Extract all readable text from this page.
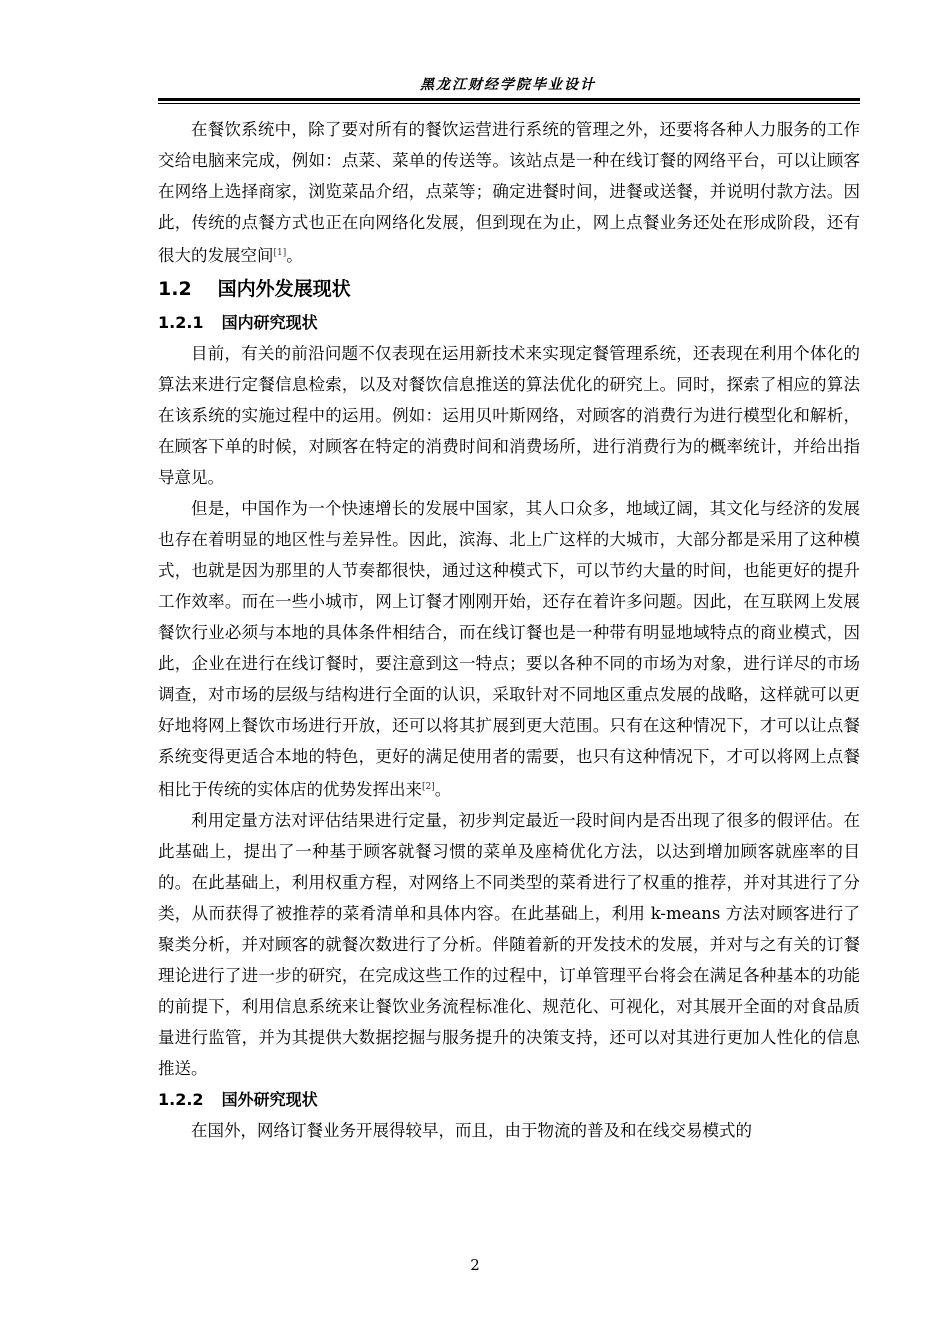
黑龙江财经学院毕业设计

在餐饮系统中，除了要对所有的餐饮运营进行系统的管理之外，还要将各种人力服务的工作交给电脑来完成，例如：点菜、菜单的传送等。该站点是一种在线订餐的网络平台，可以让顾客在网络上选择商家，浏览菜品介绍，点菜等；确定进餐时间，进餐或送餐，并说明付款方法。因此，传统的点餐方式也正在向网络化发展，但到现在为止，网上点餐业务还处在形成阶段，还有很大的发展空间[1]。

1.2 国内外发展现状
1.2.1 国内研究现状

目前，有关的前沿问题不仅表现在运用新技术来实现定餐管理系统，还表现在利用个体化的算法来进行定餐信息检索，以及对餐饮信息推送的算法优化的研究上。同时，探索了相应的算法在该系统的实施过程中的运用。例如：运用贝叶斯网络，对顾客的消费行为进行模型化和解析，在顾客下单的时候，对顾客在特定的消费时间和消费场所，进行消费行为的概率统计，并给出指导意见。

但是，中国作为一个快速增长的发展中国家，其人口众多，地域辽阔，其文化与经济的发展也存在着明显的地区性与差异性。因此，滨海、北上广这样的大城市，大部分都是采用了这种模式，也就是因为那里的人节奏都很快，通过这种模式下，可以节约大量的时间，也能更好的提升工作效率。而在一些小城市，网上订餐才刚刚开始，还存在着许多问题。因此，在互联网上发展餐饮行业必须与本地的具体条件相结合，而在线订餐也是一种带有明显地域特点的商业模式，因此，企业在进行在线订餐时，要注意到这一特点；要以各种不同的市场为对象，进行详尽的市场调查，对市场的层级与结构进行全面的认识，采取针对不同地区重点发展的战略，这样就可以更好地将网上餐饮市场进行开放，还可以将其扩展到更大范围。只有在这种情况下，才可以让点餐系统变得更适合本地的特色，更好的满足使用者的需要，也只有这种情况下，才可以将网上点餐相比于传统的实体店的优势发挥出来[2]。

利用定量方法对评估结果进行定量，初步判定最近一段时间内是否出现了很多的假评估。在此基础上，提出了一种基于顾客就餐习惯的菜单及座椅优化方法，以达到增加顾客就座率的目的。在此基础上，利用权重方程，对网络上不同类型的菜肴进行了权重的推荐，并对其进行了分类，从而获得了被推荐的菜肴清单和具体内容。在此基础上，利用 k-means 方法对顾客进行了聚类分析，并对顾客的就餐次数进行了分析。伴随着新的开发技术的发展，并对与之有关的订餐理论进行了进一步的研究，在完成这些工作的过程中，订单管理平台将会在满足各种基本的功能的前提下，利用信息系统来让餐饮业务流程标准化、规范化、可视化，对其展开全面的对食品质量进行监管，并为其提供大数据挖掘与服务提升的决策支持，还可以对其进行更加人性化的信息推送。

1.2.2 国外研究现状

在国外，网络订餐业务开展得较早，而且，由于物流的普及和在线交易模式的

2
